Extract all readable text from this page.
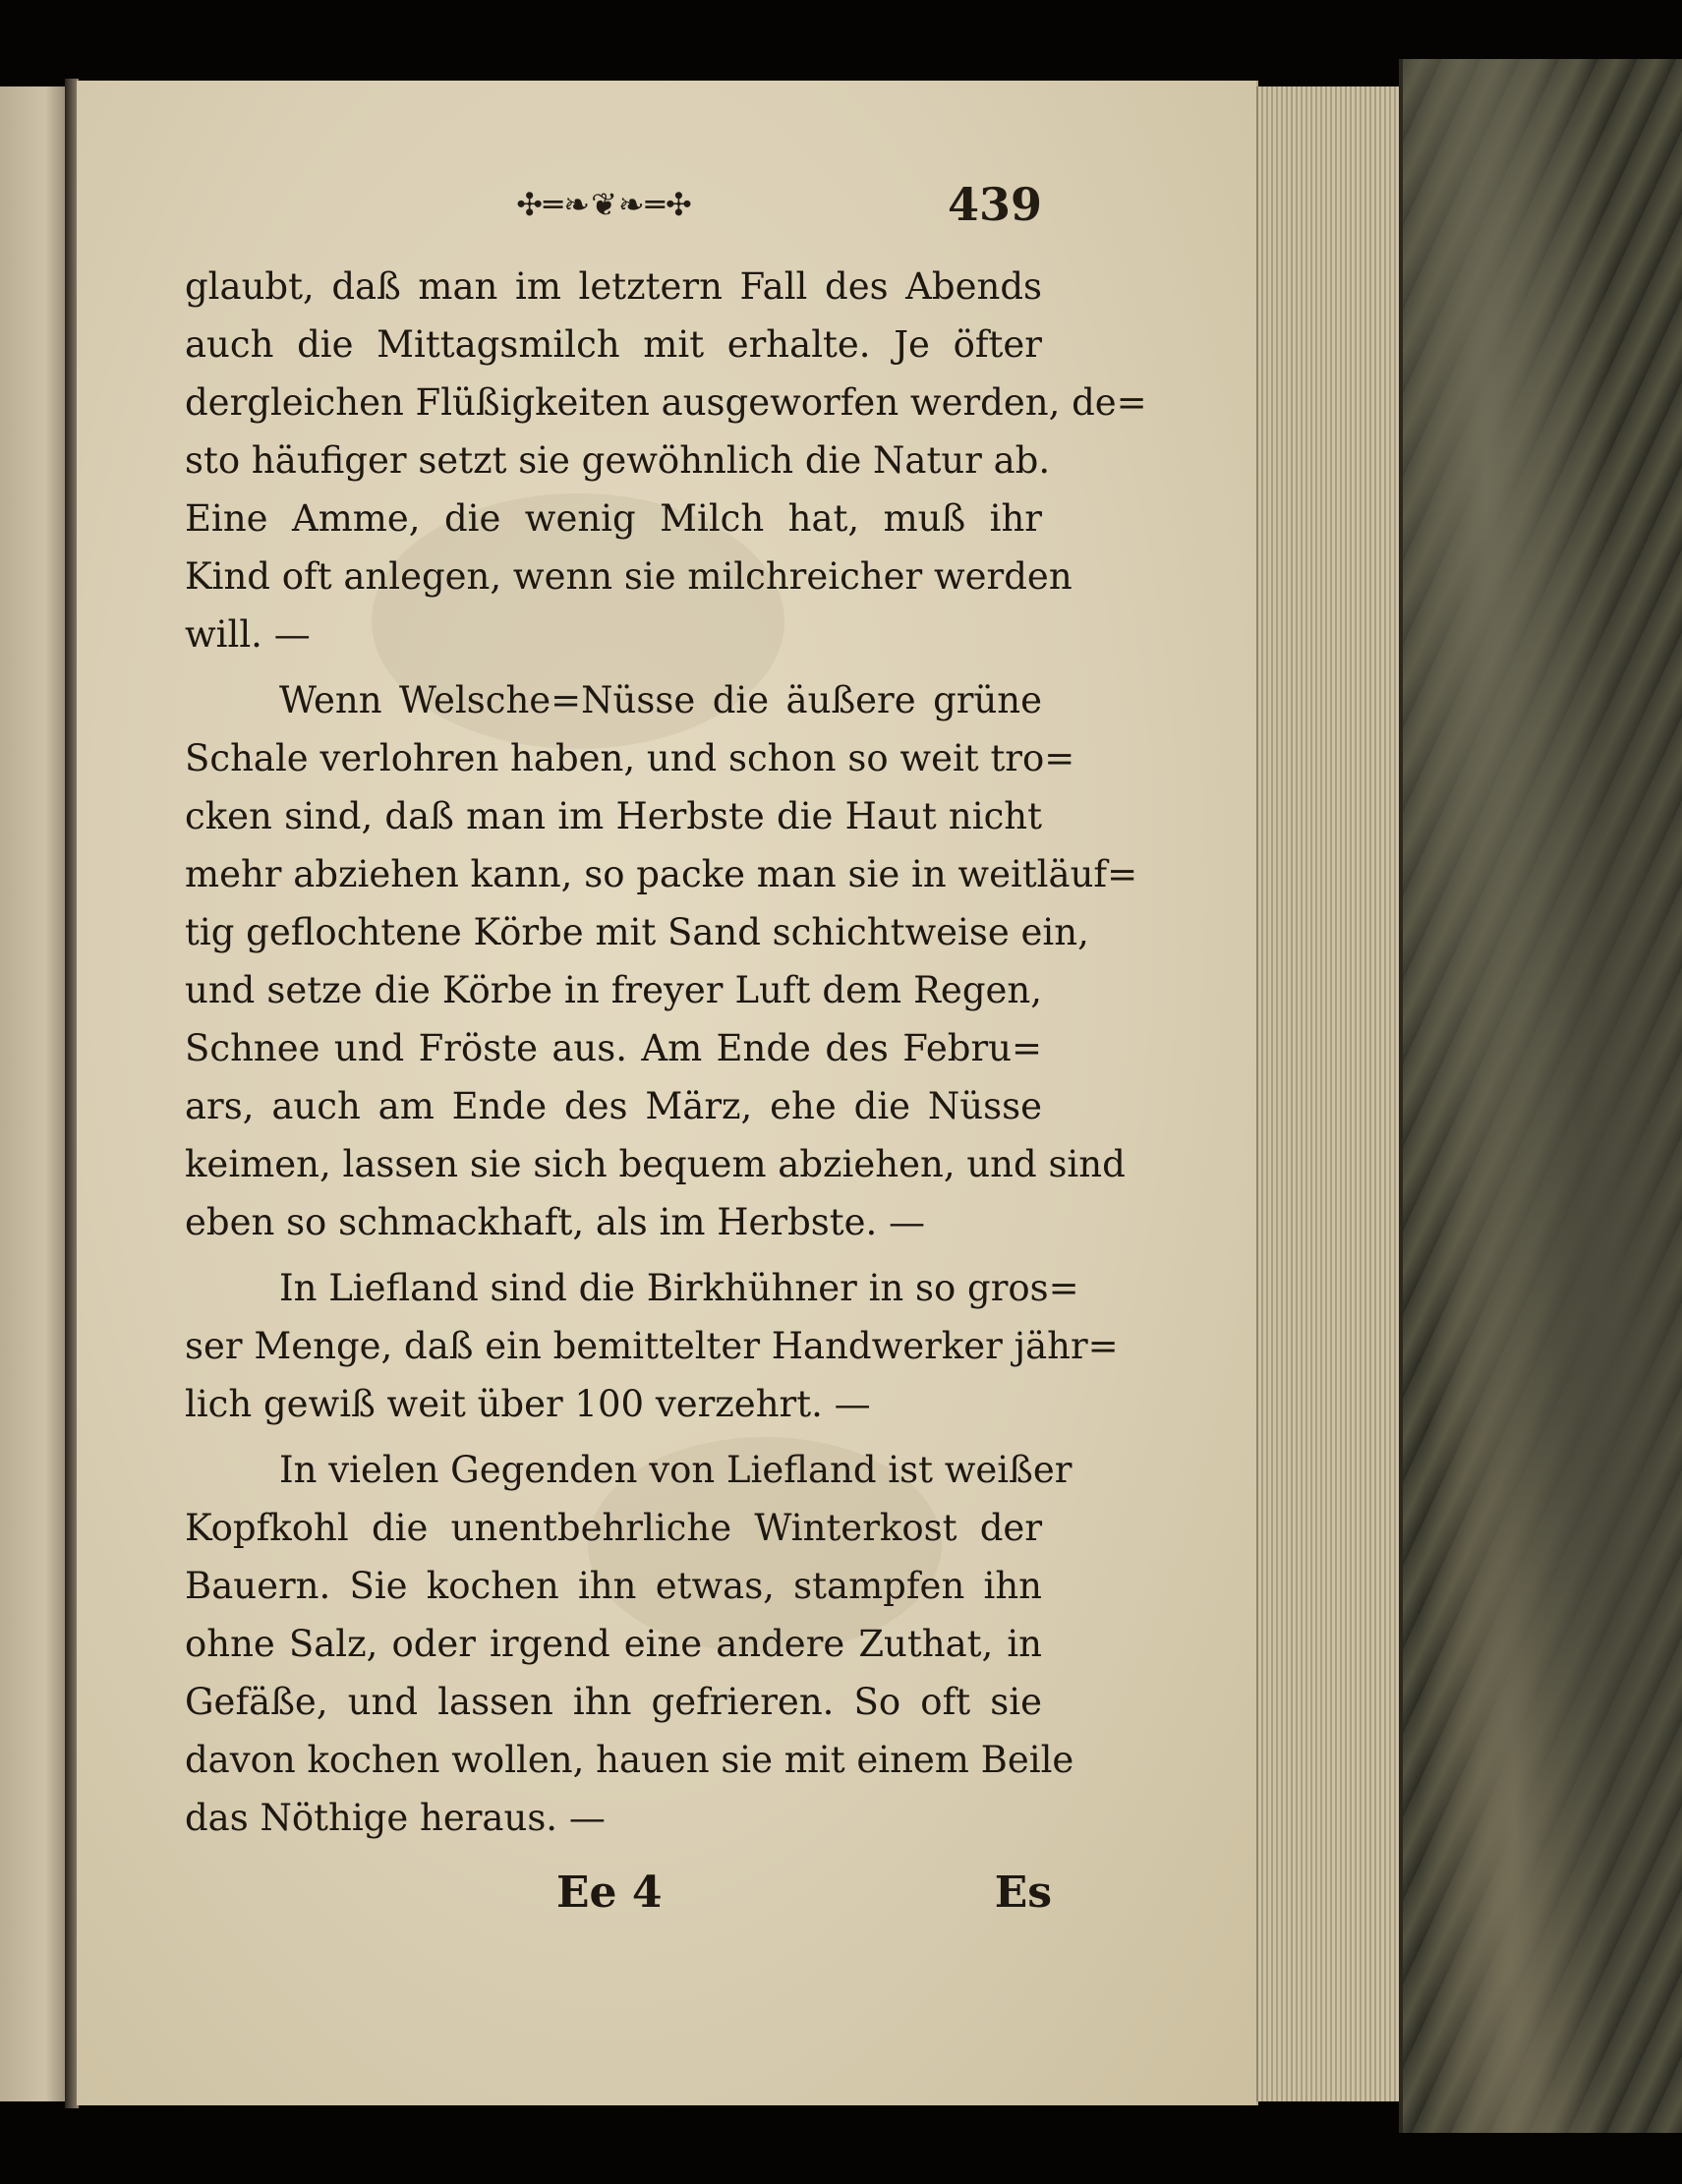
✣═❧❦❧═✣	439
glaubt, daß man im letztern Fall des Abends
auch die Mittagsmilch mit erhalte. Je öfter
dergleichen Flüßigkeiten ausgeworfen werden, de=
sto häufiger setzt sie gewöhnlich die Natur ab.
Eine Amme, die wenig Milch hat, muß ihr
Kind oft anlegen, wenn sie milchreicher werden
will. —
Wenn Welsche=Nüsse die äußere grüne
Schale verlohren haben, und schon so weit tro=
cken sind, daß man im Herbste die Haut nicht
mehr abziehen kann, so packe man sie in weitläuf=
tig geflochtene Körbe mit Sand schichtweise ein,
und setze die Körbe in freyer Luft dem Regen,
Schnee und Fröste aus. Am Ende des Febru=
ars, auch am Ende des März, ehe die Nüsse
keimen, lassen sie sich bequem abziehen, und sind
eben so schmackhaft, als im Herbste. —
In Liefland sind die Birkhühner in so gros=
ser Menge, daß ein bemittelter Handwerker jähr=
lich gewiß weit über 100 verzehrt. —
In vielen Gegenden von Liefland ist weißer
Kopfkohl die unentbehrliche Winterkost der
Bauern. Sie kochen ihn etwas, stampfen ihn
ohne Salz, oder irgend eine andere Zuthat, in
Gefäße, und lassen ihn gefrieren. So oft sie
davon kochen wollen, hauen sie mit einem Beile
das Nöthige heraus. —
Ee 4	Es
